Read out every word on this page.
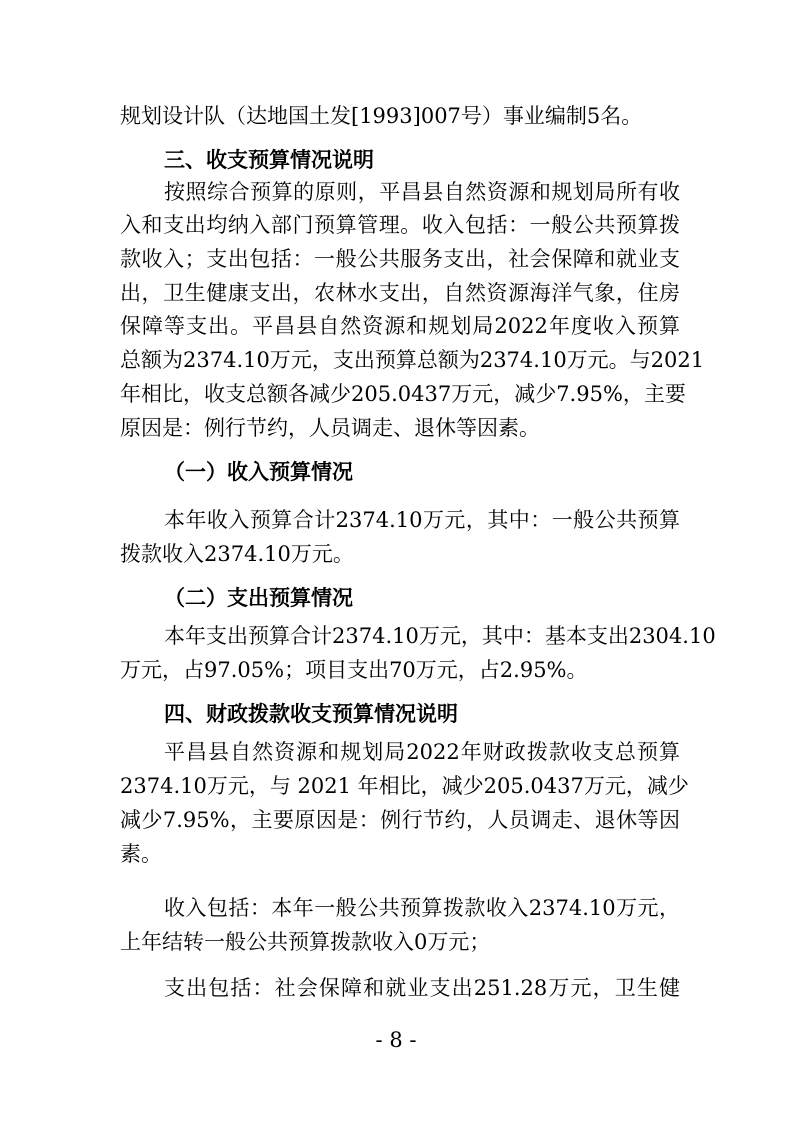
规划设计队（达地国土发[1993]007号）事业编制5名。
三、收支预算情况说明
按照综合预算的原则，平昌县自然资源和规划局所有收
入和支出均纳入部门预算管理。收入包括：一般公共预算拨
款收入；支出包括：一般公共服务支出，社会保障和就业支
出，卫生健康支出，农林水支出，自然资源海洋气象，住房
保障等支出。平昌县自然资源和规划局2022年度收入预算
总额为2374.10万元，支出预算总额为2374.10万元。与2021
年相比，收支总额各减少205.0437万元，减少7.95%，主要
原因是：例行节约，人员调走、退休等因素。
（一）收入预算情况
本年收入预算合计2374.10万元，其中：一般公共预算
拨款收入2374.10万元。
（二）支出预算情况
本年支出预算合计2374.10万元，其中：基本支出2304.10
万元，占97.05%；项目支出70万元，占2.95%。
四、财政拨款收支预算情况说明
平昌县自然资源和规划局2022年财政拨款收支总预算
2374.10万元，与 2021 年相比，减少205.0437万元，减少
减少7.95%，主要原因是：例行节约，人员调走、退休等因
素。
收入包括：本年一般公共预算拨款收入2374.10万元，
上年结转一般公共预算拨款收入0万元；
支出包括：社会保障和就业支出251.28万元，卫生健
- 8 -
